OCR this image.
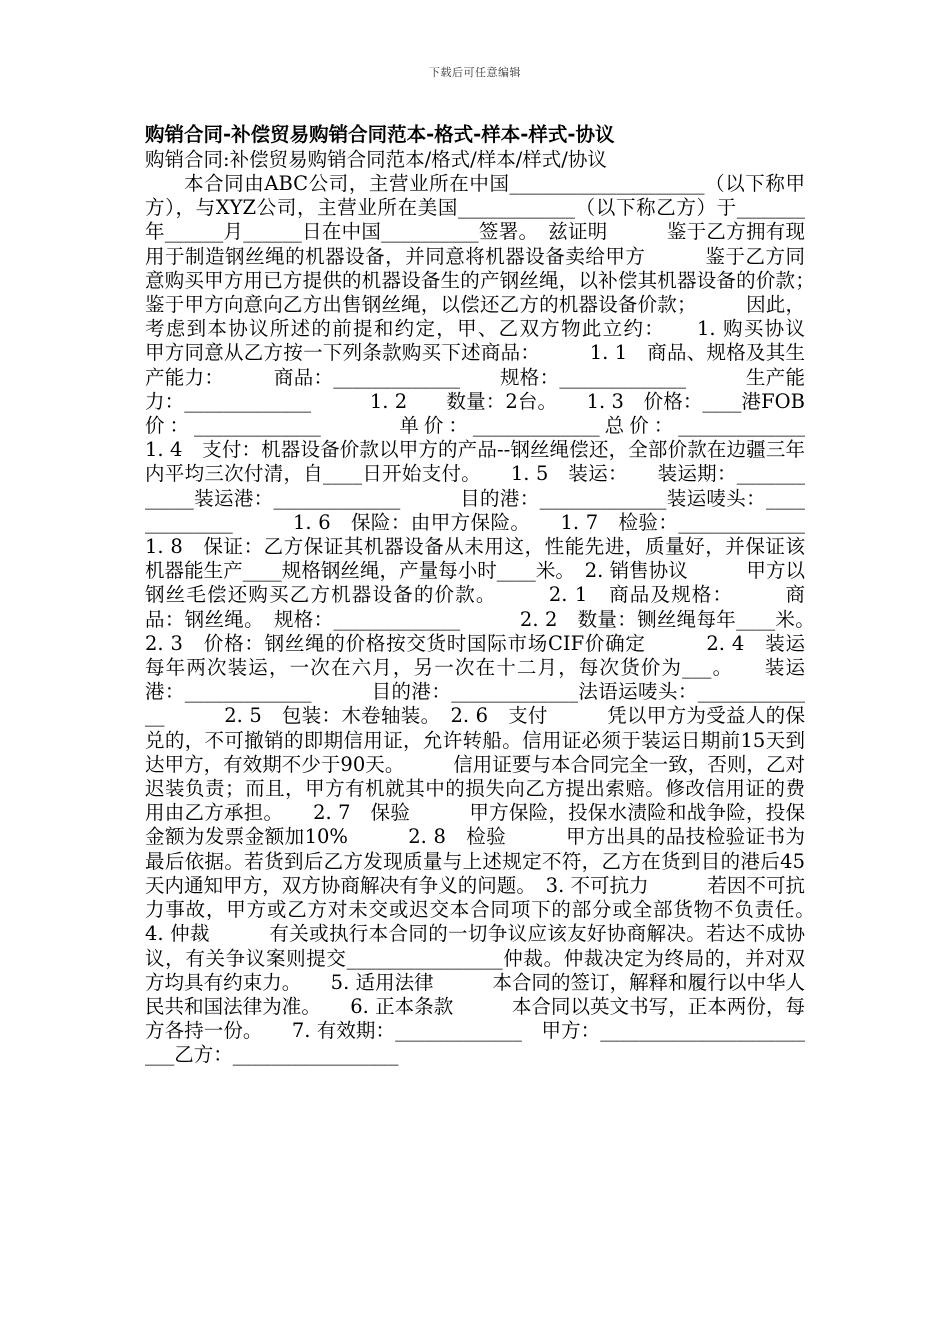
下载后可任意编辑
购销合同-补偿贸易购销合同范本-格式-样本-样式-协议
购销合同:补偿贸易购销合同范本/格式/样本/样式/协议
本合同由ABC公司，主营业所在中国____________________（以下称甲方），与XYZ公司，主营业所在美国____________（以下称乙方）于_______年______月______日在中国__________签署。　兹证明　　　鉴于乙方拥有现用于制造钢丝绳的机器设备，并同意将机器设备卖给甲方　　　鉴于乙方同意购买甲方用已方提供的机器设备生的产钢丝绳，以补偿其机器设备的价款；　　鉴于甲方向意向乙方出售钢丝绳，以偿还乙方的机器设备价款；　　　因此，考虑到本协议所述的前提和约定，甲、乙双方物此立约：　　1. 购买协议　　　甲方同意从乙方按一下列条款购买下述商品：　　　1. 1　商品、规格及其生产能力：　　　商品：_____________　　规格：_____________　　　生产能力：_____________　　　1. 2　　数量：2台。　　1. 3　价格：____港FOB价：_____________　　　单价：_____________总价：_____________　　　1. 4　支付：机器设备价款以甲方的产品--钢丝绳偿还，全部价款在边疆三年内平均三次付清，自____日开始支付。　　1. 5　装运：　　装运期：____________装运港：_____________　　　目的港：_____________装运唛头：_____________　　　1. 6　保险：由甲方保险。　　1. 7　检验：_____________　　　1. 8　保证：乙方保证其机器设备从未用这，性能先进，质量好，并保证该机器能生产____规格钢丝绳，产量每小时____米。　2. 销售协议　　　甲方以钢丝毛偿还购买乙方机器设备的价款。　　　2. 1　商品及规格：　　　商品：钢丝绳。　规格：_____________　　　2. 2　数量：铡丝绳每年____米。　　　2. 3　价格：钢丝绳的价格按交货时国际市场CIF价确定　　　2. 4　装运　　每年两次装运，一次在六月，另一次在十二月，每次货价为___。　　装运港：_____________　　　目的港：_____________法语运唛头：_____________　　　2. 5　包装：木卷轴装。　2. 6　支付　　　凭以甲方为受益人的保兑的，不可撤销的即期信用证，允许转船。信用证必须于装运日期前15天到达甲方，有效期不少于90天。　　　信用证要与本合同完全一致，否则，乙对迟装负责；而且，甲方有机就其中的损失向乙方提出索赔。修改信用证的费用由乙方承担。　　2. 7　保验　　　甲方保险，投保水渍险和战争险，投保金额为发票金额加10%　　　2. 8　检验　　　甲方出具的品技检验证书为最后依据。若货到后乙方发现质量与上述规定不符，乙方在货到目的港后45天内通知甲方，双方协商解决有争义的问题。　3. 不可抗力　　　若因不可抗力事故，甲方或乙方对未交或迟交本合同项下的部分或全部货物不负责任。　　4. 仲裁　　　有关或执行本合同的一切争议应该友好协商解决。若达不成协议，有关争议案则提交________________仲裁。仲裁决定为终局的，并对双方均具有约束力。　　5. 适用法律　　　本合同的签订，解释和履行以中华人民共和国法律为准。　　6. 正本条款　　　本合同以英文书写，正本两份，每方各持一份。　　7. 有效期：_____________　甲方：________________________乙方：_________________
